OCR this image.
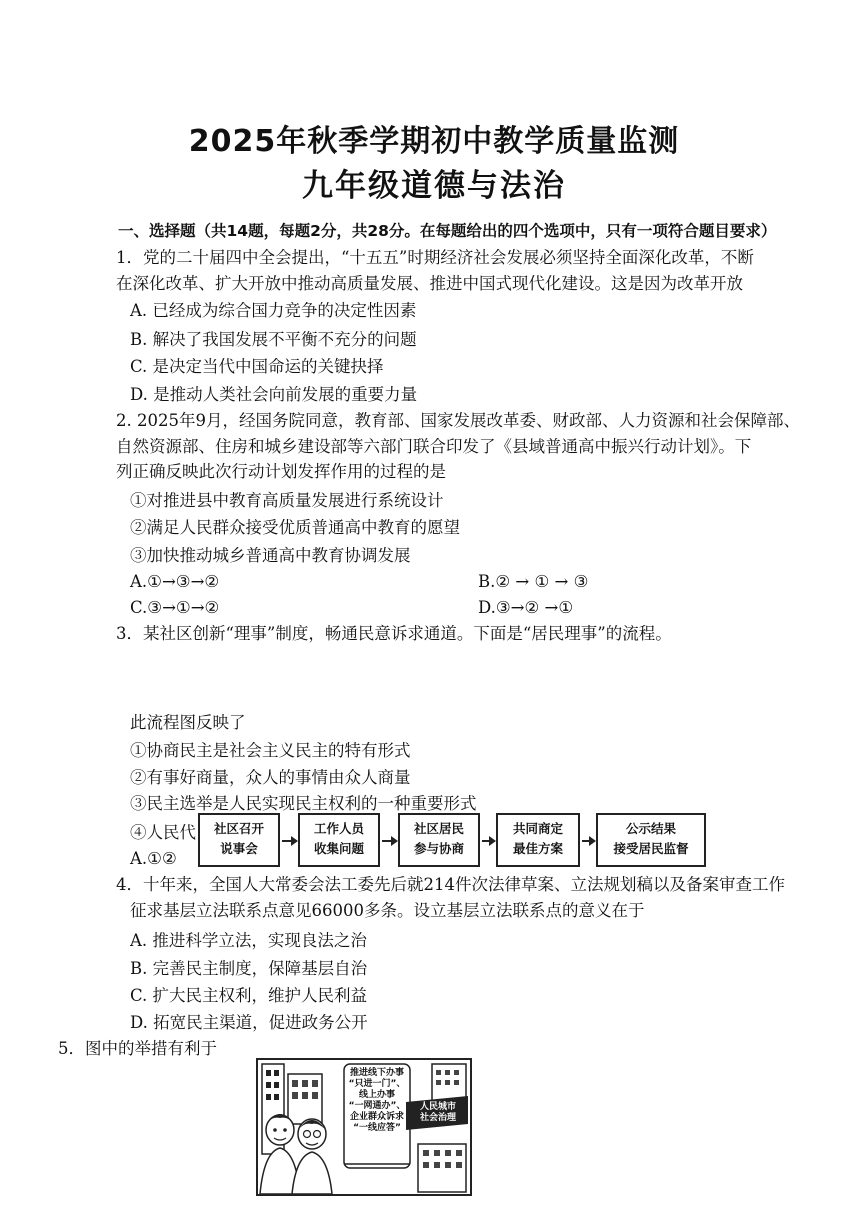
2025年秋季学期初中教学质量监测
九年级道德与法治
一、选择题（共14题，每题2分，共28分。在每题给出的四个选项中，只有一项符合题目要求）
1．党的二十届四中全会提出，“十五五”时期经济社会发展必须坚持全面深化改革，不断
在深化改革、扩大开放中推动高质量发展、推进中国式现代化建设。这是因为改革开放
A. 已经成为综合国力竞争的决定性因素
B. 解决了我国发展不平衡不充分的问题
C. 是决定当代中国命运的关键抉择
D. 是推动人类社会向前发展的重要力量
2. 2025年9月，经国务院同意，教育部、国家发展改革委、财政部、人力资源和社会保障部、
自然资源部、住房和城乡建设部等六部门联合印发了《县域普通高中振兴行动计划》。下
列正确反映此次行动计划发挥作用的过程的是
①对推进县中教育高质量发展进行系统设计
②满足人民群众接受优质普通高中教育的愿望
③加快推动城乡普通高中教育协调发展
A.①→③→②	B.② → ① → ③
C.③→①→②	D.③→② →①
3．某社区创新“理事”制度，畅通民意诉求通道。下面是“居民理事”的流程。
此流程图反映了
①协商民主是社会主义民主的特有形式
②有事好商量，众人的事情由众人商量
③民主选举是人民实现民主权利的一种重要形式
④人民代
A.①②
社区召开
说事会
工作人员
收集问题
社区居民
参与协商
共同商定
最佳方案
公示结果
接受居民监督
4．十年来，全国人大常委会法工委先后就214件次法律草案、立法规划稿以及备案审查工作
征求基层立法联系点意见66000多条。设立基层立法联系点的意义在于
A. 推进科学立法，实现良法之治
B. 完善民主制度，保障基层自治
C. 扩大民主权利，维护人民利益
D. 拓宽民主渠道，促进政务公开
5．图中的举措有利于
推进线下办事
“只进一门”、
线上办事
“一网通办”、
企业群众诉求
“一线应答”
人民城市
社会治理
